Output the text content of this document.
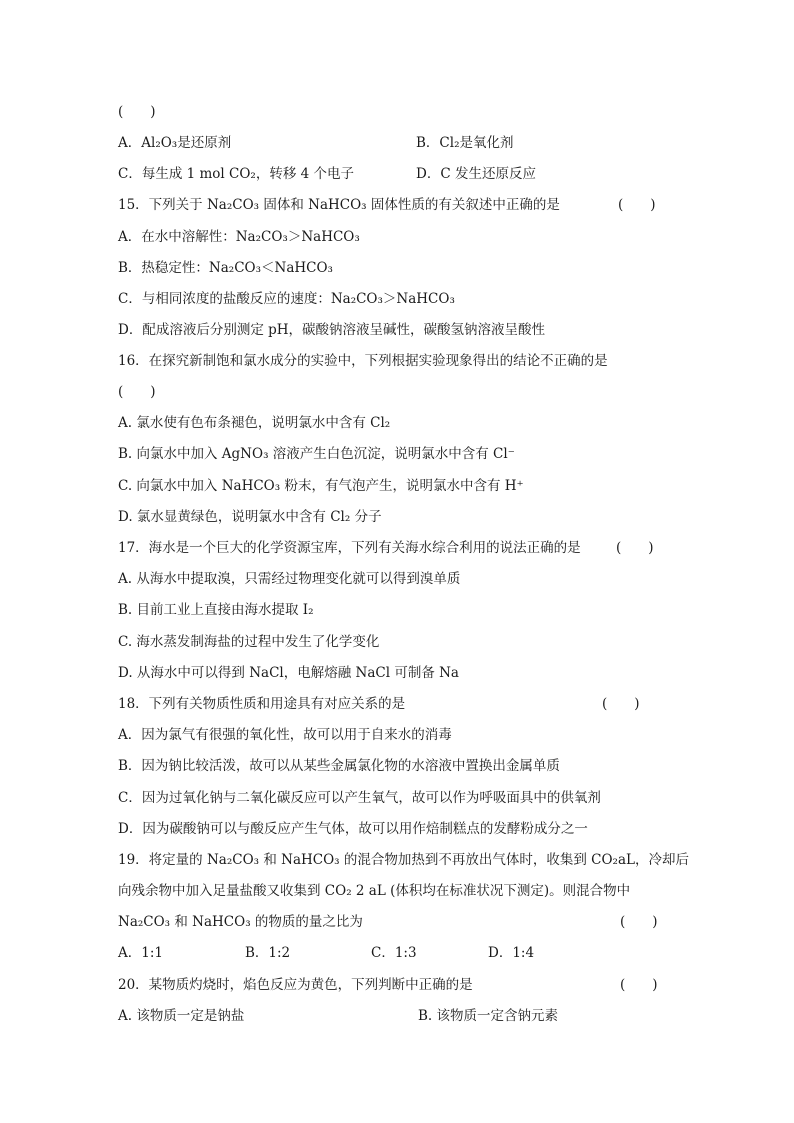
(　　)
A．Al₂O₃是还原剂	B．Cl₂是氧化剂
C．每生成 1 mol CO₂，转移 4 个电子	D．C 发生还原反应
15．下列关于 Na₂CO₃ 固体和 NaHCO₃ 固体性质的有关叙述中正确的是	(　　)
A．在水中溶解性：Na₂CO₃＞NaHCO₃
B．热稳定性：Na₂CO₃＜NaHCO₃
C．与相同浓度的盐酸反应的速度：Na₂CO₃＞NaHCO₃
D．配成溶液后分别测定 pH，碳酸钠溶液呈碱性，碳酸氢钠溶液呈酸性
16．在探究新制饱和氯水成分的实验中，下列根据实验现象得出的结论不正确的是
(　　)
A. 氯水使有色布条褪色，说明氯水中含有 Cl₂
B. 向氯水中加入 AgNO₃ 溶液产生白色沉淀，说明氯水中含有 Cl⁻
C. 向氯水中加入 NaHCO₃ 粉末，有气泡产生，说明氯水中含有 H⁺
D. 氯水显黄绿色，说明氯水中含有 Cl₂ 分子
17．海水是一个巨大的化学资源宝库，下列有关海水综合利用的说法正确的是	(　　)
A. 从海水中提取溴，只需经过物理变化就可以得到溴单质
B. 目前工业上直接由海水提取 I₂
C. 海水蒸发制海盐的过程中发生了化学变化
D. 从海水中可以得到 NaCl，电解熔融 NaCl 可制备 Na
18．下列有关物质性质和用途具有对应关系的是	(　　)
A．因为氯气有很强的氧化性，故可以用于自来水的消毒
B．因为钠比较活泼，故可以从某些金属氯化物的水溶液中置换出金属单质
C．因为过氧化钠与二氧化碳反应可以产生氧气，故可以作为呼吸面具中的供氧剂
D．因为碳酸钠可以与酸反应产生气体，故可以用作焙制糕点的发酵粉成分之一
19．将定量的 Na₂CO₃ 和 NaHCO₃ 的混合物加热到不再放出气体时，收集到 CO₂aL，冷却后
向残余物中加入足量盐酸又收集到 CO₂ 2 aL (体积均在标准状况下测定)。则混合物中
Na₂CO₃ 和 NaHCO₃ 的物质的量之比为	(　　)
A．1:1	B．1:2	C．1:3	D．1:4
20．某物质灼烧时，焰色反应为黄色，下列判断中正确的是	(　　)
A. 该物质一定是钠盐	B. 该物质一定含钠元素
